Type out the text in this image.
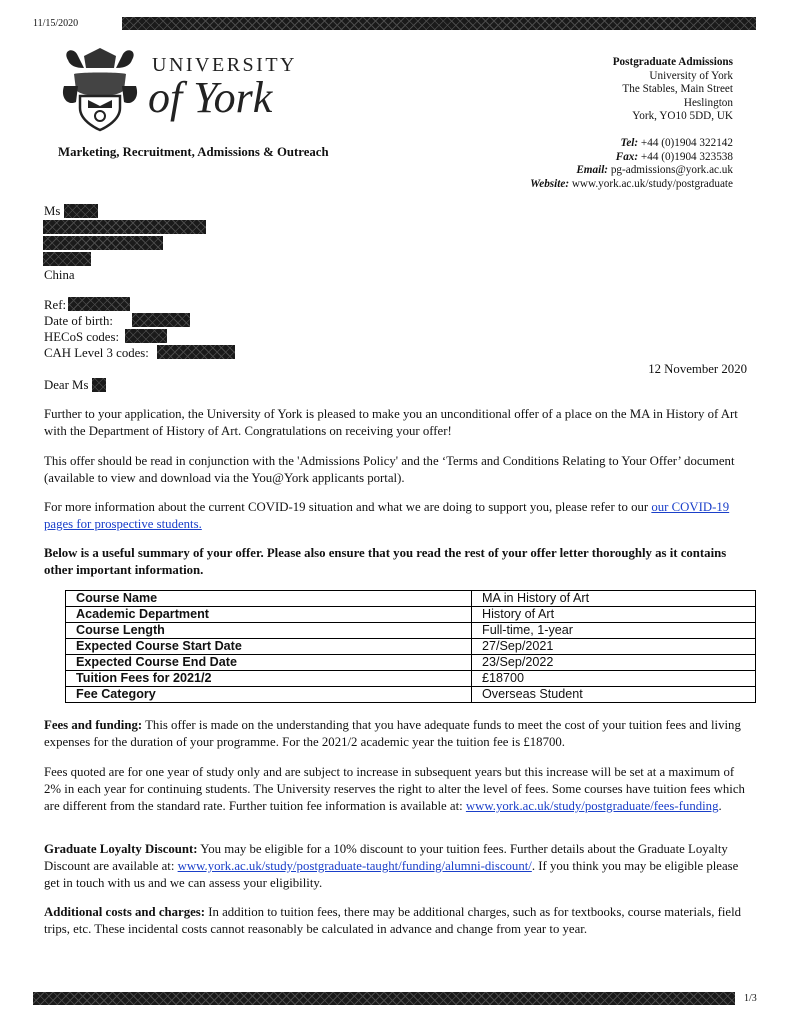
11/15/2020
UNIVERSITY
of York
Marketing, Recruitment, Admissions & Outreach
Postgraduate Admissions
University of York
The Stables, Main Street
Heslington
York, YO10 5DD, UK
Tel: +44 (0)1904 322142
Fax: +44 (0)1904 323538
Email: pg-admissions@york.ac.uk
Website: www.york.ac.uk/study/postgraduate
Ms
China
Ref:
Date of birth:
HECoS codes:
CAH Level 3 codes:
12 November 2020
Dear Ms
Further to your application, the University of York is pleased to make you an unconditional offer of a place on the MA in History of Art with the Department of History of Art. Congratulations on receiving your offer!
This offer should be read in conjunction with the 'Admissions Policy' and the ‘Terms and Conditions Relating to Your Offer’ document (available to view and download via the You@York applicants portal).
For more information about the current COVID-19 situation and what we are doing to support you, please refer to our our COVID-19 pages for prospective students.
Below is a useful summary of your offer. Please also ensure that you read the rest of your offer letter thoroughly as it contains other important information.
Course Name	MA in History of Art
Academic Department	History of Art
Course Length	Full-time, 1-year
Expected Course Start Date	27/Sep/2021
Expected Course End Date	23/Sep/2022
Tuition Fees for 2021/2	£18700
Fee Category	Overseas Student
Fees and funding: This offer is made on the understanding that you have adequate funds to meet the cost of your tuition fees and living expenses for the duration of your programme. For the 2021/2 academic year the tuition fee is £18700.
Fees quoted are for one year of study only and are subject to increase in subsequent years but this increase will be set at a maximum of 2% in each year for continuing students. The University reserves the right to alter the level of fees. Some courses have tuition fees which are different from the standard rate. Further tuition fee information is available at: www.york.ac.uk/study/postgraduate/fees-funding.
Graduate Loyalty Discount: You may be eligible for a 10% discount to your tuition fees. Further details about the Graduate Loyalty Discount are available at: www.york.ac.uk/study/postgraduate-taught/funding/alumni-discount/. If you think you may be eligible please get in touch with us and we can assess your eligibility.
Additional costs and charges: In addition to tuition fees, there may be additional charges, such as for textbooks, course materials, field trips, etc. These incidental costs cannot reasonably be calculated in advance and change from year to year.
1/3
